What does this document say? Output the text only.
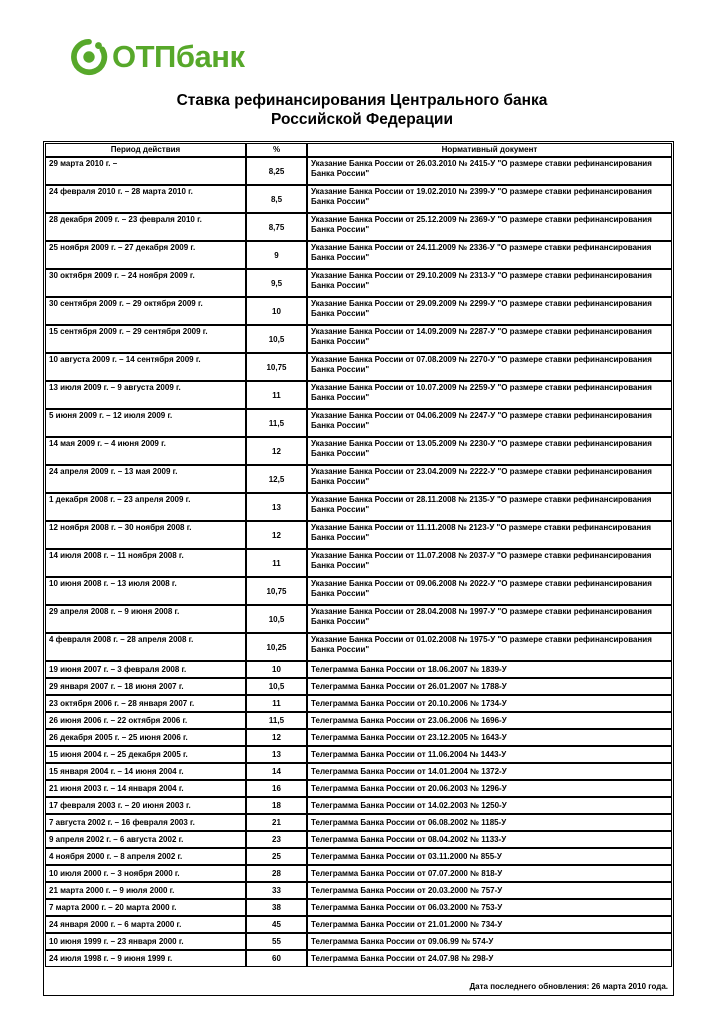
ОТПбанк
Ставка рефинансирования Центрального банка
Российской Федерации
Период действия	%	Нормативный документ
29 марта 2010 г. –	8,25	Указание Банка России от 26.03.2010 № 2415-У "О размере ставки рефинансирования Банка России"
24 февраля 2010 г. – 28 марта 2010 г.	8,5	Указание Банка России от 19.02.2010 № 2399-У "О размере ставки рефинансирования Банка России"
28 декабря 2009 г. – 23 февраля 2010 г.	8,75	Указание Банка России от 25.12.2009 № 2369-У "О размере ставки рефинансирования Банка России"
25 ноября 2009 г. – 27 декабря 2009 г.	9	Указание Банка России от 24.11.2009 № 2336-У "О размере ставки рефинансирования Банка России"
30 октября 2009 г. – 24 ноября 2009 г.	9,5	Указание Банка России от 29.10.2009 № 2313-У "О размере ставки рефинансирования Банка России"
30 сентября 2009 г. – 29 октября 2009 г.	10	Указание Банка России от 29.09.2009 № 2299-У "О размере ставки рефинансирования Банка России"
15 сентября 2009 г. – 29 сентября 2009 г.	10,5	Указание Банка России от 14.09.2009 № 2287-У "О размере ставки рефинансирования Банка России"
10 августа 2009 г. – 14 сентября 2009 г.	10,75	Указание Банка России от 07.08.2009 № 2270-У "О размере ставки рефинансирования Банка России"
13 июля 2009 г. – 9 августа 2009 г.	11	Указание Банка России от 10.07.2009 № 2259-У "О размере ставки рефинансирования Банка России"
5 июня 2009 г. – 12 июля 2009 г.	11,5	Указание Банка России от 04.06.2009 № 2247-У "О размере ставки рефинансирования Банка России"
14 мая 2009 г. – 4 июня 2009 г.	12	Указание Банка России от 13.05.2009 № 2230-У "О размере ставки рефинансирования Банка России"
24 апреля 2009 г. – 13 мая 2009 г.	12,5	Указание Банка России от 23.04.2009 № 2222-У "О размере ставки рефинансирования Банка России"
1 декабря 2008 г. – 23 апреля 2009 г.	13	Указание Банка России от 28.11.2008 № 2135-У "О размере ставки рефинансирования Банка России"
12 ноября 2008 г. – 30 ноября 2008 г.	12	Указание Банка России от 11.11.2008 № 2123-У "О размере ставки рефинансирования Банка России"
14 июля 2008 г. – 11 ноября 2008 г.	11	Указание Банка России от 11.07.2008 № 2037-У "О размере ставки рефинансирования Банка России"
10 июня 2008 г. – 13 июля 2008 г.	10,75	Указание Банка России от 09.06.2008 № 2022-У "О размере ставки рефинансирования Банка России"
29 апреля 2008 г. – 9 июня 2008 г.	10,5	Указание Банка России от 28.04.2008 № 1997-У "О размере ставки рефинансирования Банка России"
4 февраля 2008 г. – 28 апреля 2008 г.	10,25	Указание Банка России от 01.02.2008 № 1975-У "О размере ставки рефинансирования Банка России"
19 июня 2007 г. – 3 февраля 2008 г.	10	Телеграмма Банка России от 18.06.2007 № 1839-У
29 января 2007 г. – 18 июня 2007 г.	10,5	Телеграмма Банка России от 26.01.2007 № 1788-У
23 октября 2006 г. – 28 января 2007 г.	11	Телеграмма Банка России от 20.10.2006 № 1734-У
26 июня 2006 г. – 22 октября 2006 г.	11,5	Телеграмма Банка России от 23.06.2006 № 1696-У
26 декабря 2005 г. – 25 июня 2006 г.	12	Телеграмма Банка России от 23.12.2005 № 1643-У
15 июня 2004 г. – 25 декабря 2005 г.	13	Телеграмма Банка России от 11.06.2004 № 1443-У
15 января 2004 г. – 14 июня 2004 г.	14	Телеграмма Банка России от 14.01.2004 № 1372-У
21 июня 2003 г. – 14 января 2004 г.	16	Телеграмма Банка России от 20.06.2003 № 1296-У
17 февраля 2003 г. – 20 июня 2003 г.	18	Телеграмма Банка России от 14.02.2003 № 1250-У
7 августа 2002 г. – 16 февраля 2003 г.	21	Телеграмма Банка России от 06.08.2002 № 1185-У
9 апреля 2002 г. – 6 августа 2002 г.	23	Телеграмма Банка России от 08.04.2002 № 1133-У
4 ноября 2000 г. – 8 апреля 2002 г.	25	Телеграмма Банка России от 03.11.2000 № 855-У
10 июля 2000 г. – 3 ноября 2000 г.	28	Телеграмма Банка России от 07.07.2000 № 818-У
21 марта 2000 г. – 9 июля 2000 г.	33	Телеграмма Банка России от 20.03.2000 № 757-У
7 марта 2000 г. – 20 марта 2000 г.	38	Телеграмма Банка России от 06.03.2000 № 753-У
24 января 2000 г. – 6 марта 2000 г.	45	Телеграмма Банка России от 21.01.2000 № 734-У
10 июня 1999 г. – 23 января 2000 г.	55	Телеграмма Банка России от 09.06.99 № 574-У
24 июля 1998 г. – 9 июня 1999 г.	60	Телеграмма Банка России от 24.07.98 № 298-У
Дата последнего обновления: 26 марта 2010 года.
